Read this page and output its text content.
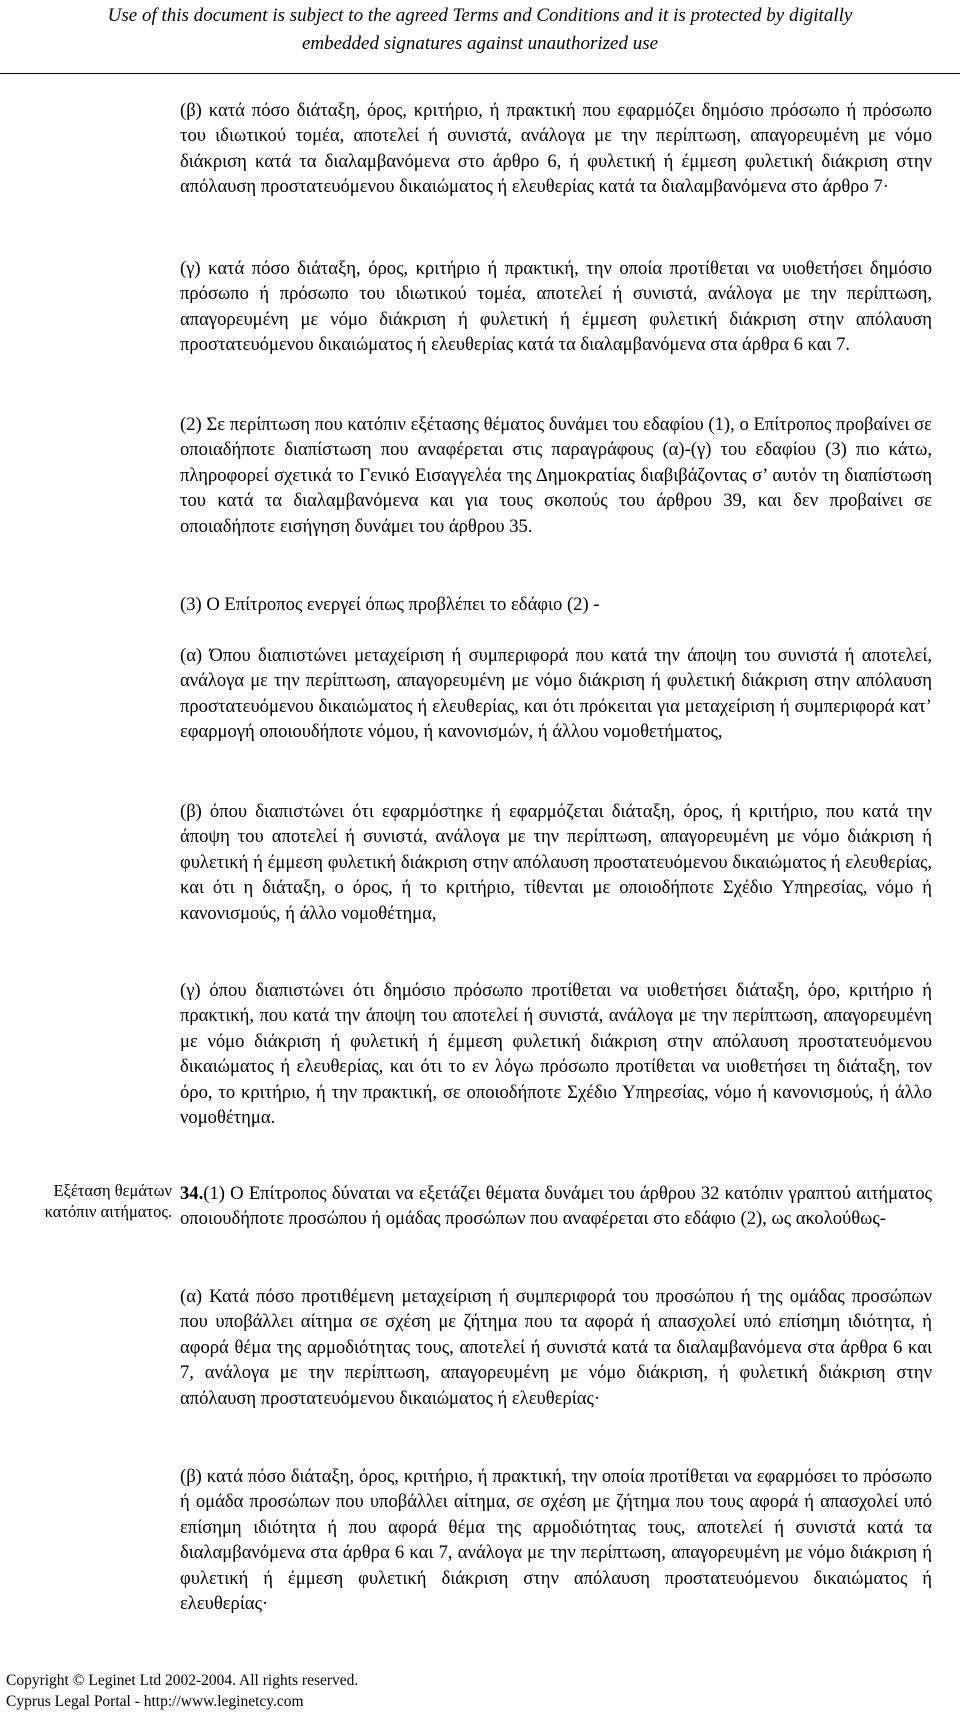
Use of this document is subject to the agreed Terms and Conditions and it is protected by digitally
embedded signatures against unauthorized use

(β) κατά πόσο διάταξη, όρος, κριτήριο, ή πρακτική που εφαρμόζει δημόσιο πρόσωπο ή πρόσωπο του ιδιωτικού τομέα, αποτελεί ή συνιστά, ανάλογα με την περίπτωση, απαγορευμένη με νόμο διάκριση κατά τα διαλαμβανόμενα στο άρθρο 6, ή φυλετική ή έμμεση φυλετική διάκριση στην απόλαυση προστατευόμενου δικαιώματος ή ελευθερίας κατά τα διαλαμβανόμενα στο άρθρο 7·

(γ) κατά πόσο διάταξη, όρος, κριτήριο ή πρακτική, την οποία προτίθεται να υιοθετήσει δημόσιο πρόσωπο ή πρόσωπο του ιδιωτικού τομέα, αποτελεί ή συνιστά, ανάλογα με την περίπτωση, απαγορευμένη με νόμο διάκριση ή φυλετική ή έμμεση φυλετική διάκριση στην απόλαυση προστατευόμενου δικαιώματος ή ελευθερίας κατά τα διαλαμβανόμενα στα άρθρα 6 και 7.

(2) Σε περίπτωση που κατόπιν εξέτασης θέματος δυνάμει του εδαφίου (1), ο Επίτροπος προβαίνει σε οποιαδήποτε διαπίστωση που αναφέρεται στις παραγράφους (α)-(γ) του εδαφίου (3) πιο κάτω, πληροφορεί σχετικά το Γενικό Εισαγγελέα της Δημοκρατίας διαβιβάζοντας σ’ αυτόν τη διαπίστωση του κατά τα διαλαμβανόμενα και για τους σκοπούς του άρθρου 39, και δεν προβαίνει σε οποιαδήποτε εισήγηση δυνάμει του άρθρου 35.

(3) Ο Επίτροπος ενεργεί όπως προβλέπει το εδάφιο (2) -

(α) Όπου διαπιστώνει μεταχείριση ή συμπεριφορά που κατά την άποψη του συνιστά ή αποτελεί, ανάλογα με την περίπτωση, απαγορευμένη με νόμο διάκριση ή φυλετική διάκριση στην απόλαυση προστατευόμενου δικαιώματος ή ελευθερίας, και ότι πρόκειται για μεταχείριση ή συμπεριφορά κατ’ εφαρμογή οποιουδήποτε νόμου, ή κανονισμών, ή άλλου νομοθετήματος,

(β) όπου διαπιστώνει ότι εφαρμόστηκε ή εφαρμόζεται διάταξη, όρος, ή κριτήριο, που κατά την άποψη του αποτελεί ή συνιστά, ανάλογα με την περίπτωση, απαγορευμένη με νόμο διάκριση ή φυλετική ή έμμεση φυλετική διάκριση στην απόλαυση προστατευόμενου δικαιώματος ή ελευθερίας, και ότι η διάταξη, ο όρος, ή το κριτήριο, τίθενται με οποιοδήποτε Σχέδιο Υπηρεσίας, νόμο ή κανονισμούς, ή άλλο νομοθέτημα,

(γ) όπου διαπιστώνει ότι δημόσιο πρόσωπο προτίθεται να υιοθετήσει διάταξη, όρο, κριτήριο ή πρακτική, που κατά την άποψη του αποτελεί ή συνιστά, ανάλογα με την περίπτωση, απαγορευμένη με νόμο διάκριση ή φυλετική ή έμμεση φυλετική διάκριση στην απόλαυση προστατευόμενου δικαιώματος ή ελευθερίας, και ότι το εν λόγω πρόσωπο προτίθεται να υιοθετήσει τη διάταξη, τον όρο, το κριτήριο, ή την πρακτική, σε οποιοδήποτε Σχέδιο Υπηρεσίας, νόμο ή κανονισμούς, ή άλλο νομοθέτημα.

Εξέταση θεμάτων
κατόπιν αιτήματος.

34.(1) Ο Επίτροπος δύναται να εξετάζει θέματα δυνάμει του άρθρου 32 κατόπιν γραπτού αιτήματος οποιουδήποτε προσώπου ή ομάδας προσώπων που αναφέρεται στο εδάφιο (2), ως ακολούθως-

(α) Κατά πόσο προτιθέμενη μεταχείριση ή συμπεριφορά του προσώπου ή της ομάδας προσώπων που υποβάλλει αίτημα σε σχέση με ζήτημα που τα αφορά ή απασχολεί υπό επίσημη ιδιότητα, ή αφορά θέμα της αρμοδιότητας τους, αποτελεί ή συνιστά κατά τα διαλαμβανόμενα στα άρθρα 6 και 7, ανάλογα με την περίπτωση, απαγορευμένη με νόμο διάκριση, ή φυλετική διάκριση στην απόλαυση προστατευόμενου δικαιώματος ή ελευθερίας·

(β) κατά πόσο διάταξη, όρος, κριτήριο, ή πρακτική, την οποία προτίθεται να εφαρμόσει το πρόσωπο ή ομάδα προσώπων που υποβάλλει αίτημα, σε σχέση με ζήτημα που τους αφορά ή απασχολεί υπό επίσημη ιδιότητα ή που αφορά θέμα της αρμοδιότητας τους, αποτελεί ή συνιστά κατά τα διαλαμβανόμενα στα άρθρα 6 και 7, ανάλογα με την περίπτωση, απαγορευμένη με νόμο διάκριση ή φυλετική ή έμμεση φυλετική διάκριση στην απόλαυση προστατευόμενου δικαιώματος ή ελευθερίας·

Copyright © Leginet Ltd 2002-2004. All rights reserved.
Cyprus Legal Portal - http://www.leginetcy.com
